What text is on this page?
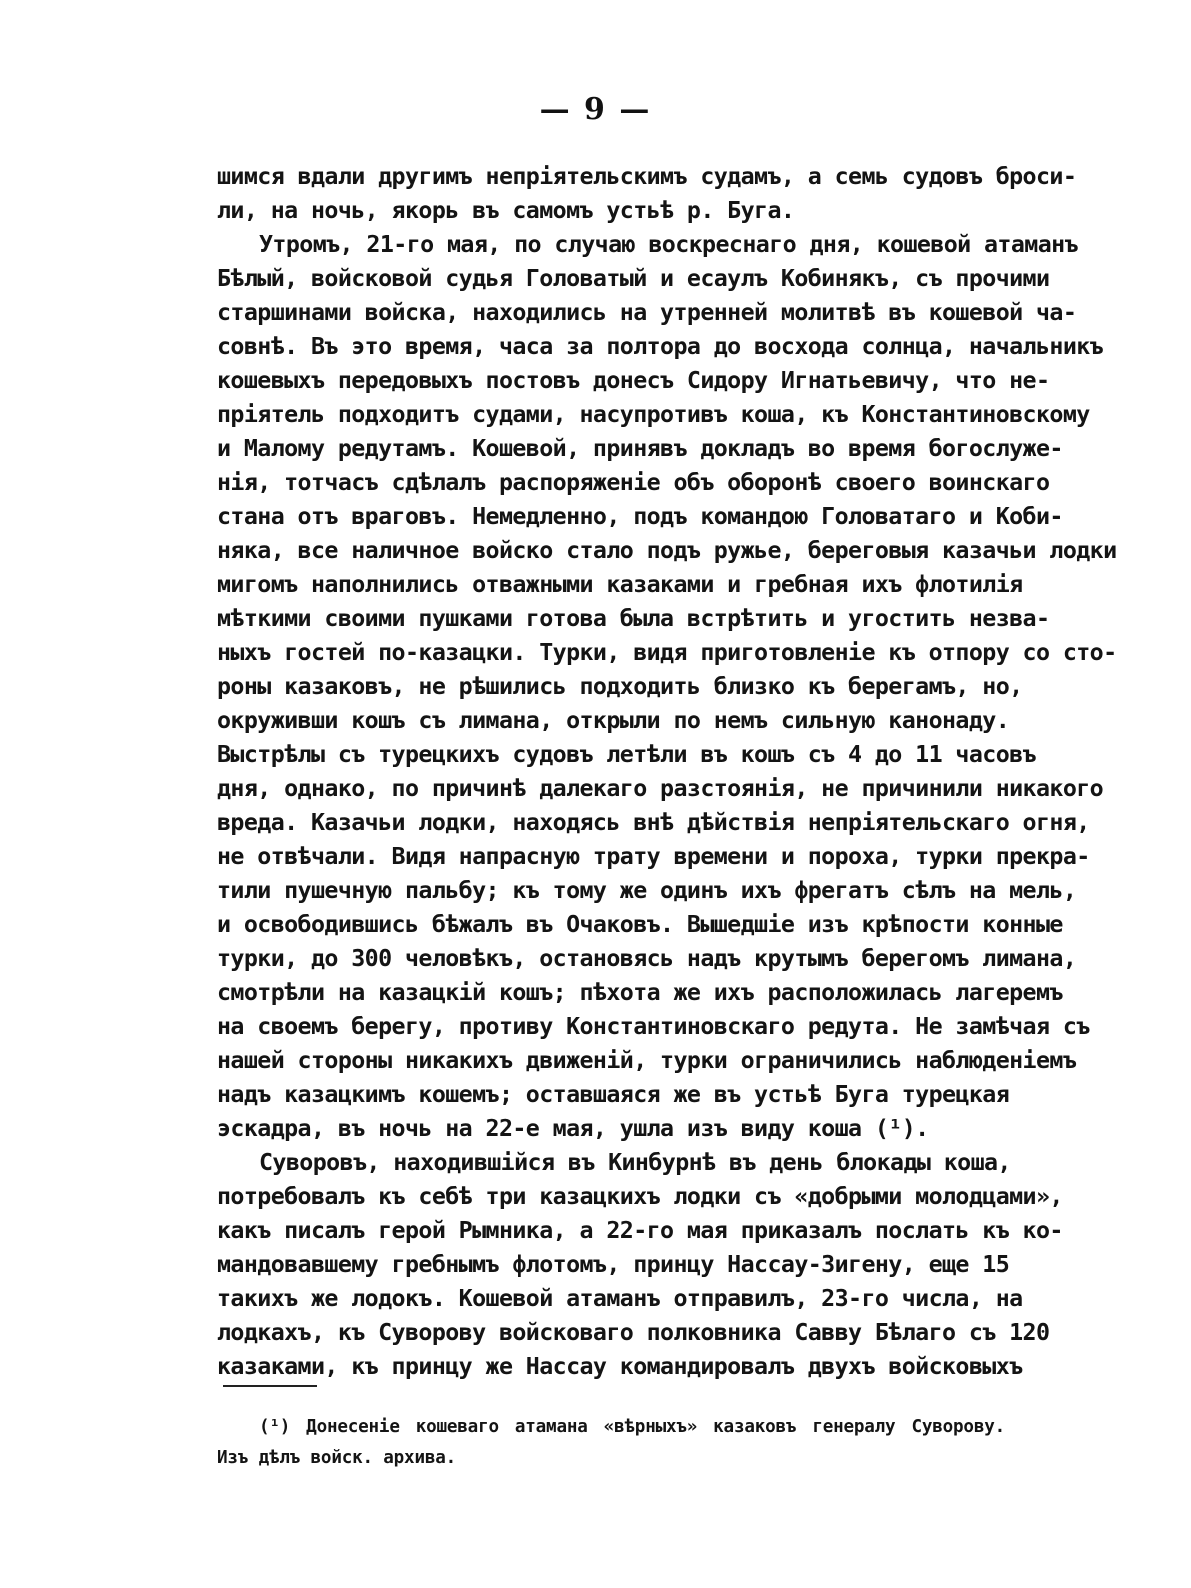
— 9 —
шимся вдали другимъ непріятельскимъ судамъ, а семь судовъ броси-
ли, на ночь, якорь въ самомъ устьѣ р. Буга.
Утромъ, 21-го мая, по случаю воскреснаго дня, кошевой атаманъ
Бѣлый, войсковой судья Головатый и есаулъ Кобинякъ, съ прочими
старшинами войска, находились на утренней молитвѣ въ кошевой ча-
совнѣ. Въ это время, часа за полтора до восхода солнца, начальникъ
кошевыхъ передовыхъ постовъ донесъ Сидору Игнатьевичу, что не-
пріятель подходитъ судами, насупротивъ коша, къ Константиновскому
и Малому редутамъ. Кошевой, принявъ докладъ во время богослуже-
нія, тотчасъ сдѣлалъ распоряженіе объ оборонѣ своего воинскаго
стана отъ враговъ. Немедленно, подъ командою Головатаго и Коби-
няка, все наличное войско стало подъ ружье, береговыя казачьи лодки
мигомъ наполнились отважными казаками и гребная ихъ флотилія
мѣткими своими пушками готова была встрѣтить и угостить незва-
ныхъ гостей по-казацки. Турки, видя приготовленіе къ отпору со сто-
роны казаковъ, не рѣшились подходить близко къ берегамъ, но,
окруживши кошъ съ лимана, открыли по немъ сильную канонаду.
Выстрѣлы съ турецкихъ судовъ летѣли въ кошъ съ 4 до 11 часовъ
дня, однако, по причинѣ далекаго разстоянія, не причинили никакого
вреда. Казачьи лодки, находясь внѣ дѣйствія непріятельскаго огня,
не отвѣчали. Видя напрасную трату времени и пороха, турки прекра-
тили пушечную пальбу; къ тому же одинъ ихъ фрегатъ сѣлъ на мель,
и освободившись бѣжалъ въ Очаковъ. Вышедшіе изъ крѣпости конные
турки, до 300 человѣкъ, остановясь надъ крутымъ берегомъ лимана,
смотрѣли на казацкій кошъ; пѣхота же ихъ расположилась лагеремъ
на своемъ берегу, противу Константиновскаго редута. Не замѣчая съ
нашей стороны никакихъ движеній, турки ограничились наблюденіемъ
надъ казацкимъ кошемъ; оставшаяся же въ устьѣ Буга турецкая
эскадра, въ ночь на 22-е мая, ушла изъ виду коша (¹).
Суворовъ, находившійся въ Кинбурнѣ въ день блокады коша,
потребовалъ къ себѣ три казацкихъ лодки съ «добрыми молодцами»,
какъ писалъ герой Рымника, а 22-го мая приказалъ послать къ ко-
мандовавшему гребнымъ флотомъ, принцу Нассау-Зигену, еще 15
такихъ же лодокъ. Кошевой атаманъ отправилъ, 23-го числа, на
лодкахъ, къ Суворову войсковаго полковника Савву Бѣлаго съ 120
казаками, къ принцу же Нассау командировалъ двухъ войсковыхъ
(¹) Донесеніе кошеваго атамана «вѣрныхъ» казаковъ генералу Суворову.
Изъ дѣлъ войск. архива.
